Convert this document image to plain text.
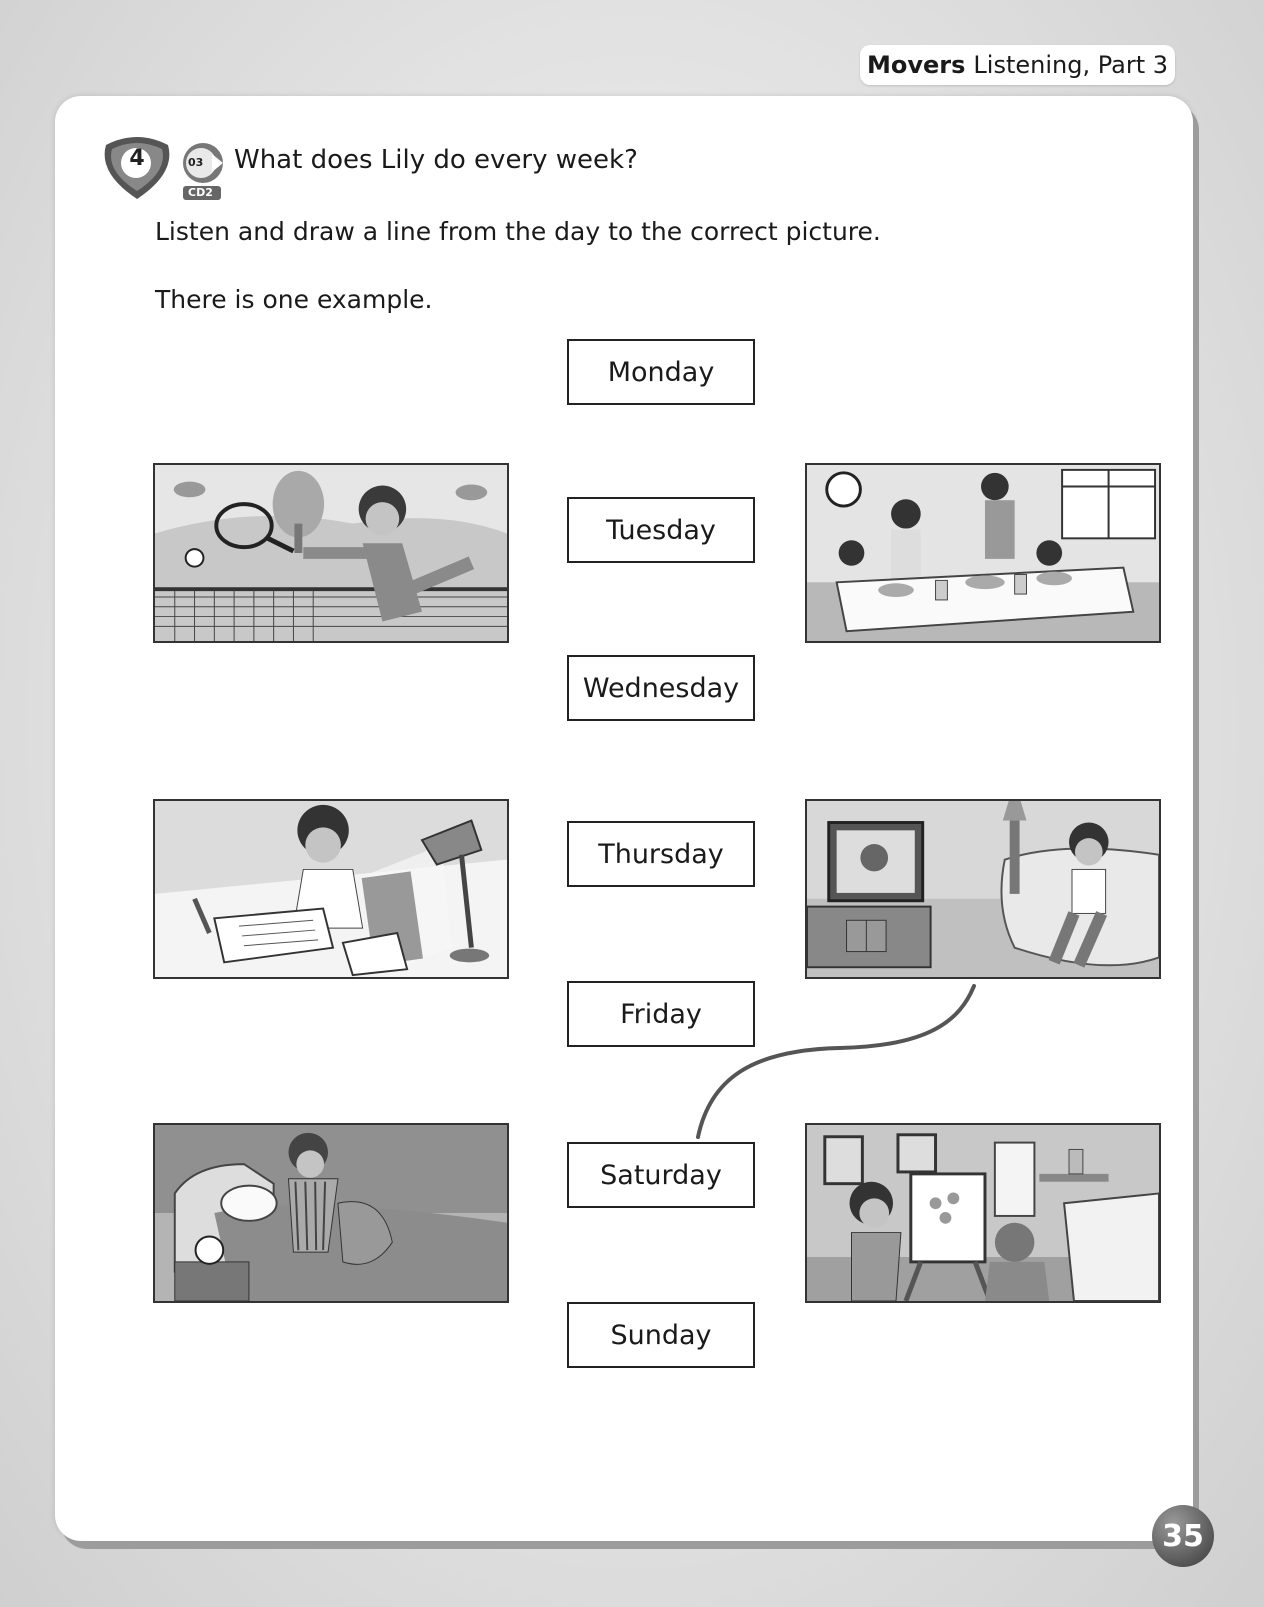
Movers Listening, Part 3
4	03
CD2
What does Lily do every week?
Listen and draw a line from the day to the correct picture.
There is one example.
Monday
Tuesday
Wednesday
Thursday
Friday
Saturday
Sunday
35
